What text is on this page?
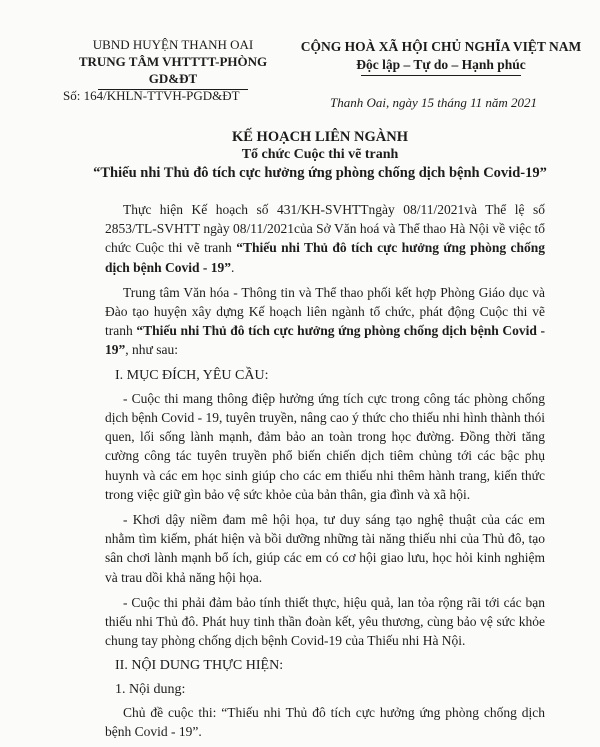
UBND HUYỆN THANH OAI
TRUNG TÂM VHTTTT-PHÒNG GD&ĐT
CỘNG HOÀ XÃ HỘI CHỦ NGHĨA VIỆT NAM
Độc lập – Tự do – Hạnh phúc
Số: 164/KHLN-TTVH-PGD&ĐT	Thanh Oai, ngày 15 tháng 11 năm 2021
KẾ HOẠCH LIÊN NGÀNH
Tổ chức Cuộc thi vẽ tranh
“Thiếu nhi Thủ đô tích cực hưởng ứng phòng chống dịch bệnh Covid-19”

Thực hiện Kế hoạch số 431/KH-SVHTTngày 08/11/2021và Thể lệ số 2853/TL-SVHTT ngày 08/11/2021của Sở Văn hoá và Thể thao Hà Nội về việc tổ chức Cuộc thi vẽ tranh “Thiếu nhi Thủ đô tích cực hưởng ứng phòng chống dịch bệnh Covid - 19”.

Trung tâm Văn hóa - Thông tin và Thể thao phối kết hợp Phòng Giáo dục và Đào tạo huyện xây dựng Kế hoạch liên ngành tổ chức, phát động Cuộc thi vẽ tranh “Thiếu nhi Thủ đô tích cực hưởng ứng phòng chống dịch bệnh Covid - 19”, như sau:

I. MỤC ĐÍCH, YÊU CẦU:

- Cuộc thi mang thông điệp hưởng ứng tích cực trong công tác phòng chống dịch bệnh Covid - 19, tuyên truyền, nâng cao ý thức cho thiếu nhi hình thành thói quen, lối sống lành mạnh, đảm bảo an toàn trong học đường. Đồng thời tăng cường công tác tuyên truyền phổ biến chiến dịch tiêm chủng tới các bậc phụ huynh và các em học sinh giúp cho các em thiếu nhi thêm hành trang, kiến thức trong việc giữ gìn bảo vệ sức khỏe của bản thân, gia đình và xã hội.

- Khơi dậy niềm đam mê hội họa, tư duy sáng tạo nghệ thuật của các em nhằm tìm kiếm, phát hiện và bồi dưỡng những tài năng thiếu nhi của Thủ đô, tạo sân chơi lành mạnh bổ ích, giúp các em có cơ hội giao lưu, học hỏi kinh nghiệm và trau dồi khả năng hội họa.

- Cuộc thi phải đảm bảo tính thiết thực, hiệu quả, lan tỏa rộng rãi tới các bạn thiếu nhi Thủ đô. Phát huy tinh thần đoàn kết, yêu thương, cùng bảo vệ sức khỏe chung tay phòng chống dịch bệnh Covid-19 của Thiếu nhi Hà Nội.

II. NỘI DUNG THỰC HIỆN:

1. Nội dung:

Chủ đề cuộc thi: “Thiếu nhi Thủ đô tích cực hưởng ứng phòng chống dịch bệnh Covid - 19”.
